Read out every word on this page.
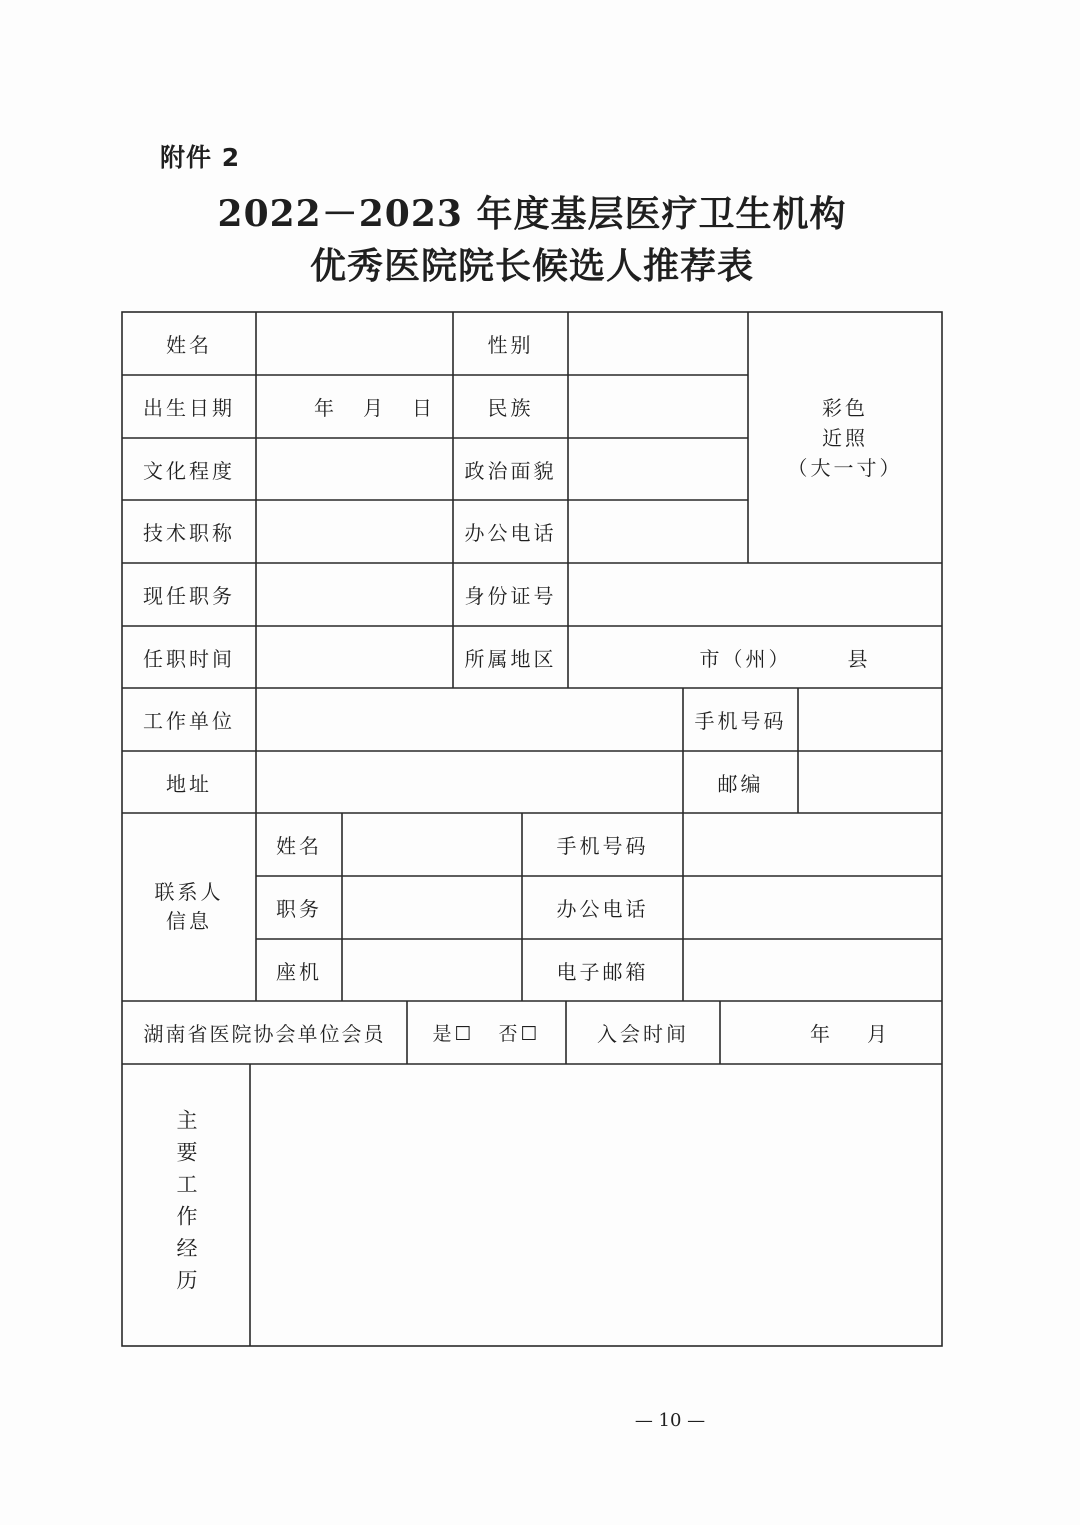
附件 2
2022－2023 年度基层医疗卫生机构
优秀医院院长候选人推荐表
姓名	性别
彩色
近照
（大一寸）
出生日期	年 月 日	民族
文化程度	政治面貌
技术职称	办公电话
现任职务	身份证号
任职时间	所属地区	市（州）	县
工作单位	手机号码
地址	邮编
联系人信息
姓名	手机号码
职务	办公电话
座机	电子邮箱
湖南省医院协会单位会员	是☐ 否☐	入会时间	年 月
主要工作经历
— 10 —
